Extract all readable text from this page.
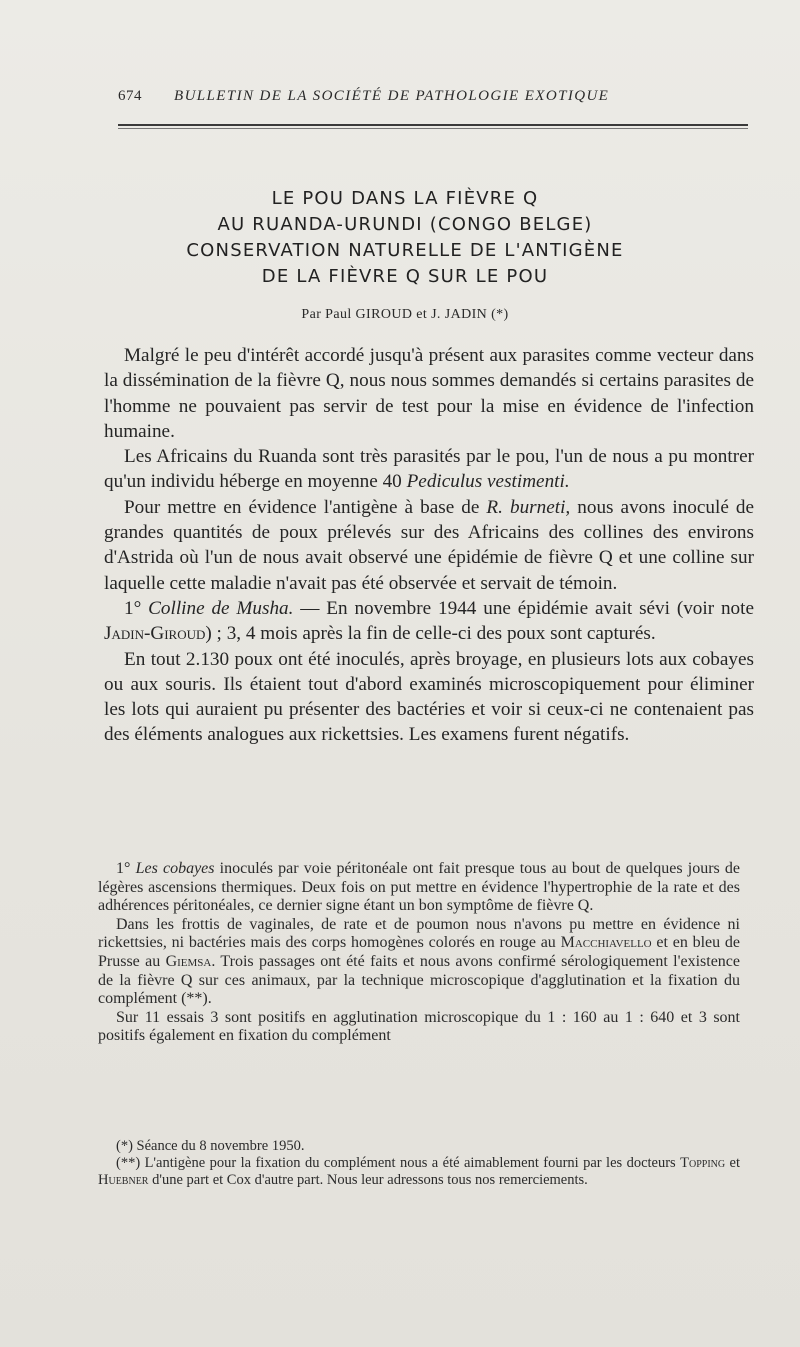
674 BULLETIN DE LA SOCIÉTÉ DE PATHOLOGIE EXOTIQUE
LE POU DANS LA FIÈVRE Q
AU RUANDA-URUNDI (CONGO BELGE)
CONSERVATION NATURELLE DE L'ANTIGÈNE
DE LA FIÈVRE Q SUR LE POU
Par Paul GIROUD et J. JADIN (*)

Malgré le peu d'intérêt accordé jusqu'à présent aux parasites comme vecteur dans la dissémination de la fièvre Q, nous nous sommes demandés si certains parasites de l'homme ne pouvaient pas servir de test pour la mise en évidence de l'infection humaine.

Les Africains du Ruanda sont très parasités par le pou, l'un de nous a pu montrer qu'un individu héberge en moyenne 40 Pediculus vestimenti.

Pour mettre en évidence l'antigène à base de R. burneti, nous avons inoculé de grandes quantités de poux prélevés sur des Africains des collines des environs d'Astrida où l'un de nous avait observé une épidémie de fièvre Q et une colline sur laquelle cette maladie n'avait pas été observée et servait de témoin.

1° Colline de Musha. — En novembre 1944 une épidémie avait sévi (voir note Jadin-Giroud) ; 3, 4 mois après la fin de celle-ci des poux sont capturés.

En tout 2.130 poux ont été inoculés, après broyage, en plusieurs lots aux cobayes ou aux souris. Ils étaient tout d'abord examinés microscopiquement pour éliminer les lots qui auraient pu présenter des bactéries et voir si ceux-ci ne contenaient pas des éléments analogues aux rickettsies. Les examens furent négatifs.

1° Les cobayes inoculés par voie péritonéale ont fait presque tous au bout de quelques jours de légères ascensions thermiques. Deux fois on put mettre en évidence l'hypertrophie de la rate et des adhérences péritonéales, ce dernier signe étant un bon symptôme de fièvre Q.

Dans les frottis de vaginales, de rate et de poumon nous n'avons pu mettre en évidence ni rickettsies, ni bactéries mais des corps homogènes colorés en rouge au Macchiavello et en bleu de Prusse au Giemsa. Trois passages ont été faits et nous avons confirmé sérologiquement l'existence de la fièvre Q sur ces animaux, par la technique microscopique d'agglutination et la fixation du complément (**).

Sur 11 essais 3 sont positifs en agglutination microscopique du 1 : 160 au 1 : 640 et 3 sont positifs également en fixation du complément

(*) Séance du 8 novembre 1950.

(**) L'antigène pour la fixation du complément nous a été aimablement fourni par les docteurs Topping et Huebner d'une part et Cox d'autre part. Nous leur adressons tous nos remerciements.
